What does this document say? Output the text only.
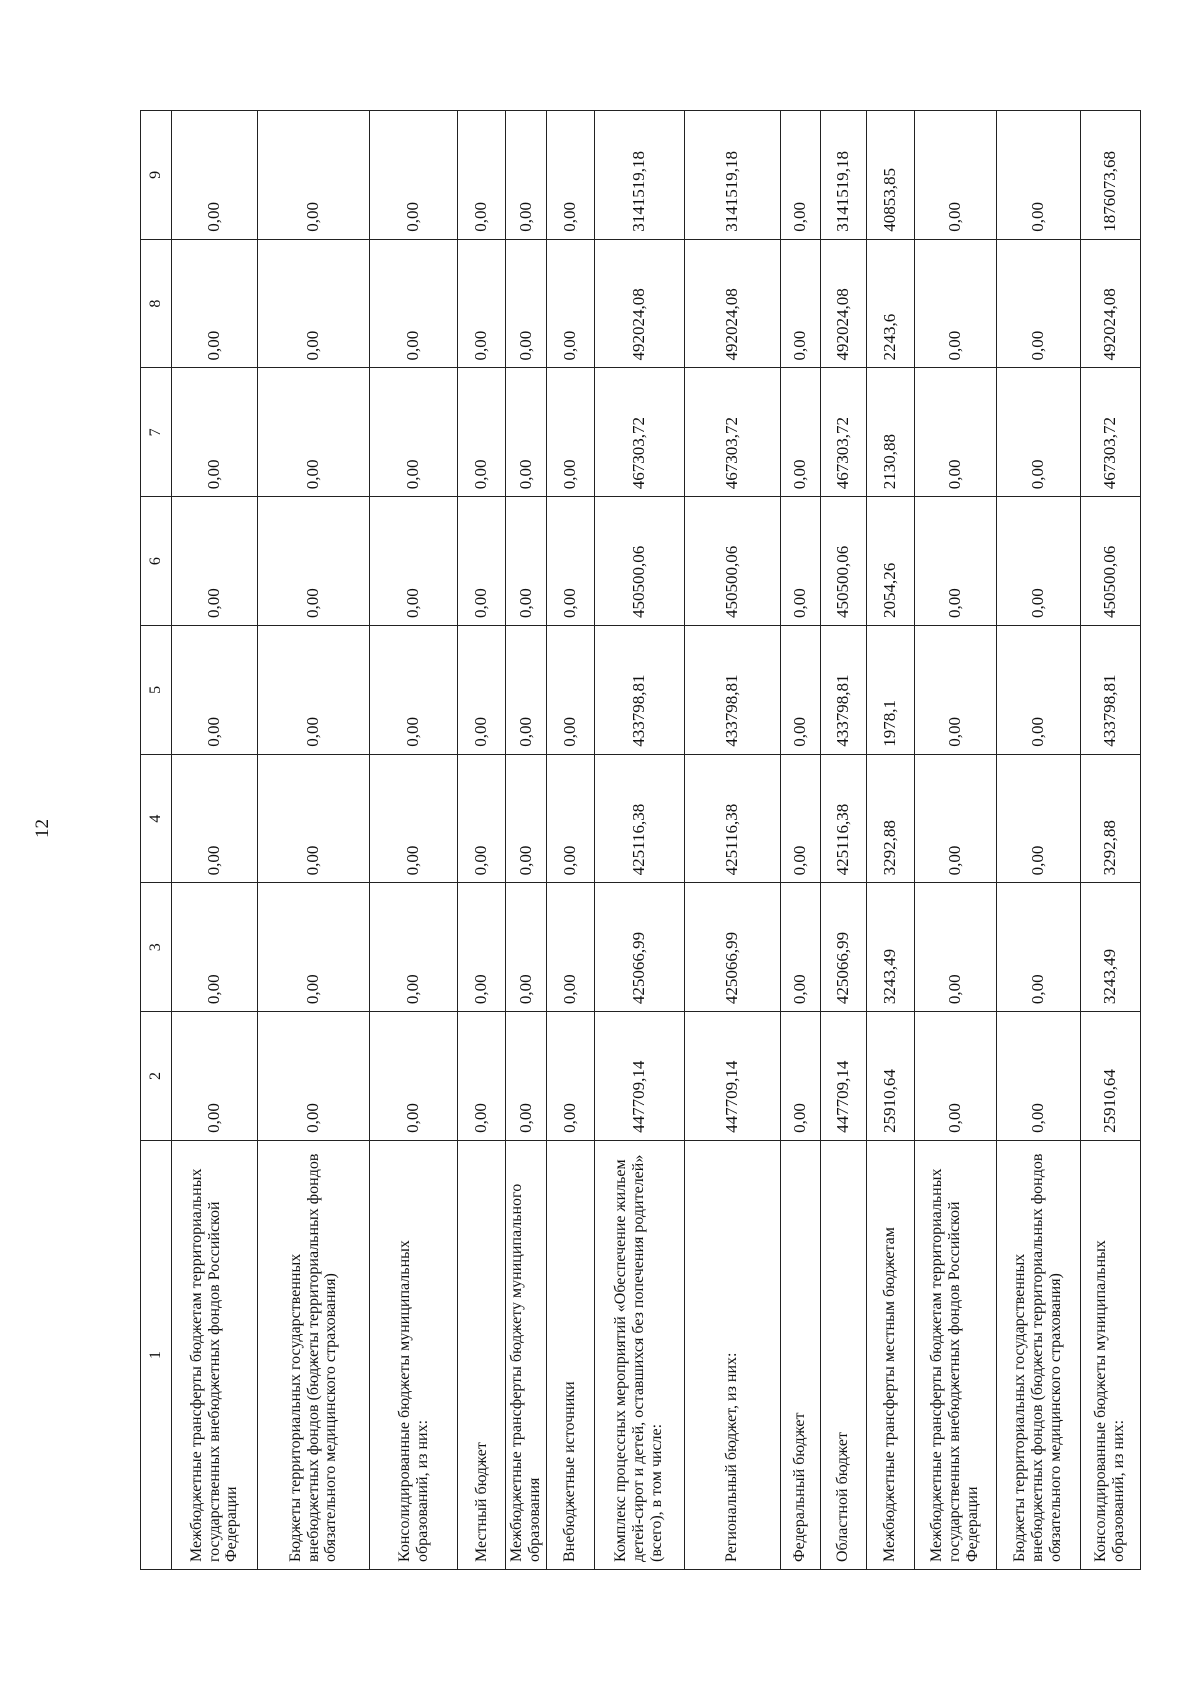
12
1	2	3	4	5	6	7	8	9
Межбюджетные трансферты бюджетам территориальных государственных внебюджетных фондов Российской Федерации	0,00	0,00	0,00	0,00	0,00	0,00	0,00	0,00
Бюджеты территориальных государственных внебюджетных фондов (бюджеты территориальных фондов обязательного медицинского страхования)	0,00	0,00	0,00	0,00	0,00	0,00	0,00	0,00
Консолидированные бюджеты муниципальных образований, из них:	0,00	0,00	0,00	0,00	0,00	0,00	0,00	0,00
Местный бюджет	0,00	0,00	0,00	0,00	0,00	0,00	0,00	0,00
Межбюджетные трансферты бюджету муниципального образования	0,00	0,00	0,00	0,00	0,00	0,00	0,00	0,00
Внебюджетные источники	0,00	0,00	0,00	0,00	0,00	0,00	0,00	0,00
Комплекс процессных мероприятий «Обеспечение жильем детей-сирот и детей, оставшихся без попечения родителей» (всего), в том числе:	447709,14	425066,99	425116,38	433798,81	450500,06	467303,72	492024,08	3141519,18
Региональный бюджет, из них:	447709,14	425066,99	425116,38	433798,81	450500,06	467303,72	492024,08	3141519,18
Федеральный бюджет	0,00	0,00	0,00	0,00	0,00	0,00	0,00	0,00
Областной бюджет	447709,14	425066,99	425116,38	433798,81	450500,06	467303,72	492024,08	3141519,18
Межбюджетные трансферты местным бюджетам	25910,64	3243,49	3292,88	1978,1	2054,26	2130,88	2243,6	40853,85
Межбюджетные трансферты бюджетам территориальных государственных внебюджетных фондов Российской Федерации	0,00	0,00	0,00	0,00	0,00	0,00	0,00	0,00
Бюджеты территориальных государственных внебюджетных фондов (бюджеты территориальных фондов обязательного медицинского страхования)	0,00	0,00	0,00	0,00	0,00	0,00	0,00	0,00
Консолидированные бюджеты муниципальных образований, из них:	25910,64	3243,49	3292,88	433798,81	450500,06	467303,72	492024,08	1876073,68
